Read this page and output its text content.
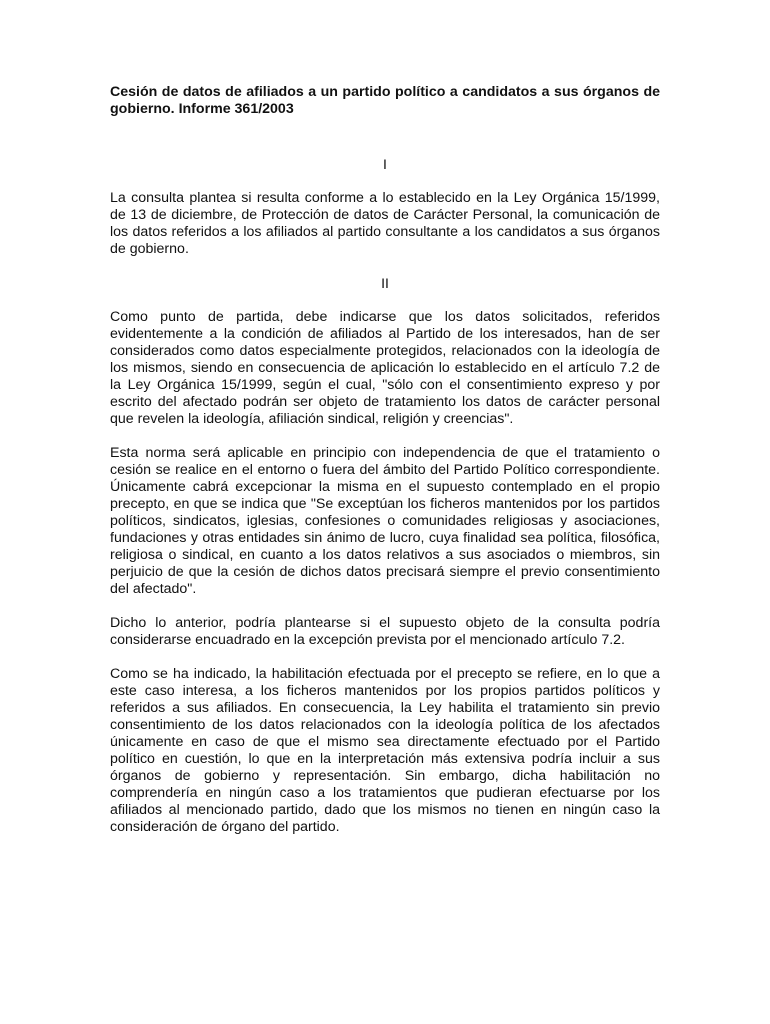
Cesión de datos de afiliados a un partido político a candidatos a sus órganos de gobierno. Informe 361/2003

I

La consulta plantea si resulta conforme a lo establecido en la Ley Orgánica 15/1999, de 13 de diciembre, de Protección de datos de Carácter Personal, la comunicación de los datos referidos a los afiliados al partido consultante a los candidatos a sus órganos de gobierno.

II

Como punto de partida, debe indicarse que los datos solicitados, referidos evidentemente a la condición de afiliados al Partido de los interesados, han de ser considerados como datos especialmente protegidos, relacionados con la ideología de los mismos, siendo en consecuencia de aplicación lo establecido en el artículo 7.2 de la Ley Orgánica 15/1999, según el cual, "sólo con el consentimiento expreso y por escrito del afectado podrán ser objeto de tratamiento los datos de carácter personal que revelen la ideología, afiliación sindical, religión y creencias".

Esta norma será aplicable en principio con independencia de que el tratamiento o cesión se realice en el entorno o fuera del ámbito del Partido Político correspondiente. Únicamente cabrá excepcionar la misma en el supuesto contemplado en el propio precepto, en que se indica que "Se exceptúan los ficheros mantenidos por los partidos políticos, sindicatos, iglesias, confesiones o comunidades religiosas y asociaciones, fundaciones y otras entidades sin ánimo de lucro, cuya finalidad sea política, filosófica, religiosa o sindical, en cuanto a los datos relativos a sus asociados o miembros, sin perjuicio de que la cesión de dichos datos precisará siempre el previo consentimiento del afectado".

Dicho lo anterior, podría plantearse si el supuesto objeto de la consulta podría considerarse encuadrado en la excepción prevista por el mencionado artículo 7.2.

Como se ha indicado, la habilitación efectuada por el precepto se refiere, en lo que a este caso interesa, a los ficheros mantenidos por los propios partidos políticos y referidos a sus afiliados. En consecuencia, la Ley habilita el tratamiento sin previo consentimiento de los datos relacionados con la ideología política de los afectados únicamente en caso de que el mismo sea directamente efectuado por el Partido político en cuestión, lo que en la interpretación más extensiva podría incluir a sus órganos de gobierno y representación. Sin embargo, dicha habilitación no comprendería en ningún caso a los tratamientos que pudieran efectuarse por los afiliados al mencionado partido, dado que los mismos no tienen en ningún caso la consideración de órgano del partido.
